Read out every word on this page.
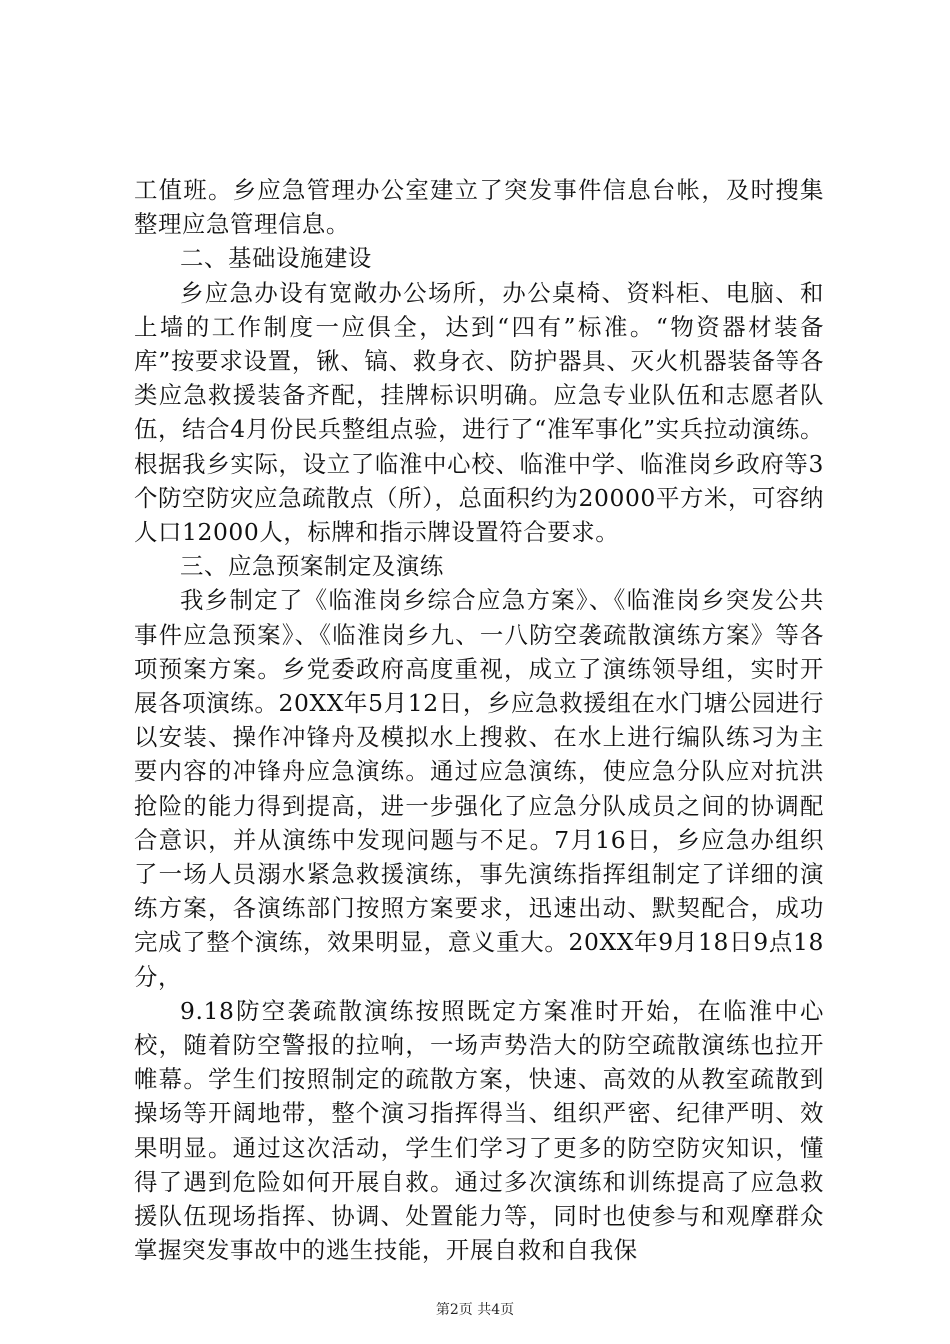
工值班。乡应急管理办公室建立了突发事件信息台帐，及时搜集整理应急管理信息。

二、基础设施建设

乡应急办设有宽敞办公场所，办公桌椅、资料柜、电脑、和上墙的工作制度一应俱全，达到“四有”标准。“物资器材装备库”按要求设置，锹、镐、救身衣、防护器具、灭火机器装备等各类应急救援装备齐配，挂牌标识明确。应急专业队伍和志愿者队伍，结合4月份民兵整组点验，进行了“准军事化”实兵拉动演练。根据我乡实际，设立了临淮中心校、临淮中学、临淮岗乡政府等3个防空防灾应急疏散点（所），总面积约为20000平方米，可容纳人口12000人，标牌和指示牌设置符合要求。

三、应急预案制定及演练

我乡制定了《临淮岗乡综合应急方案》、《临淮岗乡突发公共事件应急预案》、《临淮岗乡九、一八防空袭疏散演练方案》等各项预案方案。乡党委政府高度重视，成立了演练领导组，实时开展各项演练。20XX年5月12日，乡应急救援组在水门塘公园进行以安装、操作冲锋舟及模拟水上搜救、在水上进行编队练习为主要内容的冲锋舟应急演练。通过应急演练，使应急分队应对抗洪抢险的能力得到提高，进一步强化了应急分队成员之间的协调配合意识，并从演练中发现问题与不足。7月16日，乡应急办组织了一场人员溺水紧急救援演练，事先演练指挥组制定了详细的演练方案，各演练部门按照方案要求，迅速出动、默契配合，成功完成了整个演练，效果明显，意义重大。20XX年9月18日9点18分，

9.18防空袭疏散演练按照既定方案准时开始，在临淮中心校，随着防空警报的拉响，一场声势浩大的防空疏散演练也拉开帷幕。学生们按照制定的疏散方案，快速、高效的从教室疏散到操场等开阔地带，整个演习指挥得当、组织严密、纪律严明、效果明显。通过这次活动，学生们学习了更多的防空防灾知识，懂得了遇到危险如何开展自救。通过多次演练和训练提高了应急救援队伍现场指挥、协调、处置能力等，同时也使参与和观摩群众掌握突发事故中的逃生技能，开展自救和自我保

第2页 共4页
